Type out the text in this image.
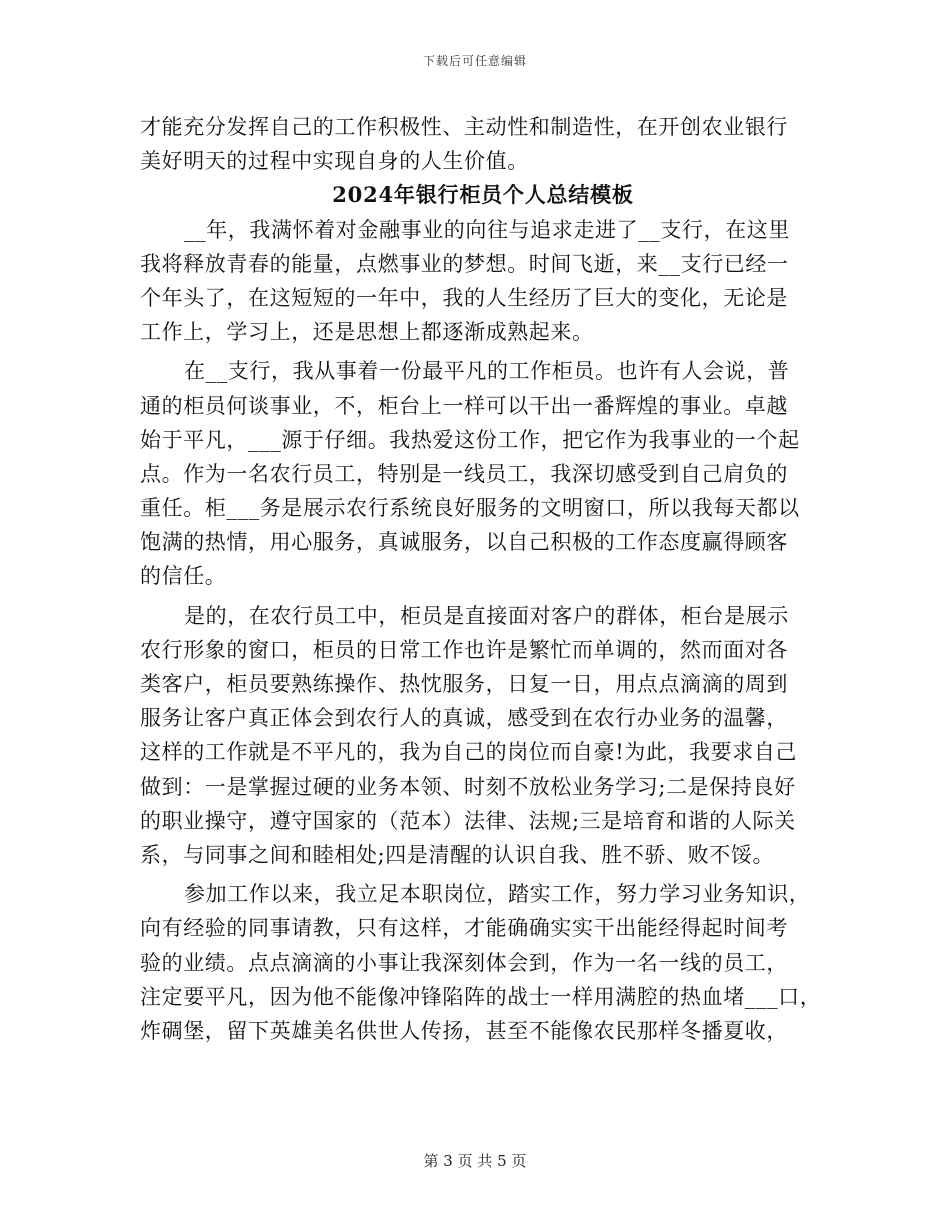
下载后可任意编辑
才能充分发挥自己的工作积极性、主动性和制造性，在开创农业银行
美好明天的过程中实现自身的人生价值。
2024年银行柜员个人总结模板
__年，我满怀着对金融事业的向往与追求走进了__支行，在这里
我将释放青春的能量，点燃事业的梦想。时间飞逝，来__支行已经一
个年头了，在这短短的一年中，我的人生经历了巨大的变化，无论是
工作上，学习上，还是思想上都逐渐成熟起来。
在__支行，我从事着一份最平凡的工作柜员。也许有人会说，普
通的柜员何谈事业，不，柜台上一样可以干出一番辉煌的事业。卓越
始于平凡，___源于仔细。我热爱这份工作，把它作为我事业的一个起
点。作为一名农行员工，特别是一线员工，我深切感受到自己肩负的
重任。柜___务是展示农行系统良好服务的文明窗口，所以我每天都以
饱满的热情，用心服务，真诚服务，以自己积极的工作态度赢得顾客
的信任。
是的，在农行员工中，柜员是直接面对客户的群体，柜台是展示
农行形象的窗口，柜员的日常工作也许是繁忙而单调的，然而面对各
类客户，柜员要熟练操作、热忱服务，日复一日，用点点滴滴的周到
服务让客户真正体会到农行人的真诚，感受到在农行办业务的温馨，
这样的工作就是不平凡的，我为自己的岗位而自豪!为此，我要求自己
做到：一是掌握过硬的业务本领、时刻不放松业务学习;二是保持良好
的职业操守，遵守国家的（范本）法律、法规;三是培育和谐的人际关
系，与同事之间和睦相处;四是清醒的认识自我、胜不骄、败不馁。
参加工作以来，我立足本职岗位，踏实工作，努力学习业务知识，
向有经验的同事请教，只有这样，才能确确实实干出能经得起时间考
验的业绩。点点滴滴的小事让我深刻体会到，作为一名一线的员工，
注定要平凡，因为他不能像冲锋陷阵的战士一样用满腔的热血堵___口，
炸碉堡，留下英雄美名供世人传扬，甚至不能像农民那样冬播夏收，
第 3 页 共 5 页
